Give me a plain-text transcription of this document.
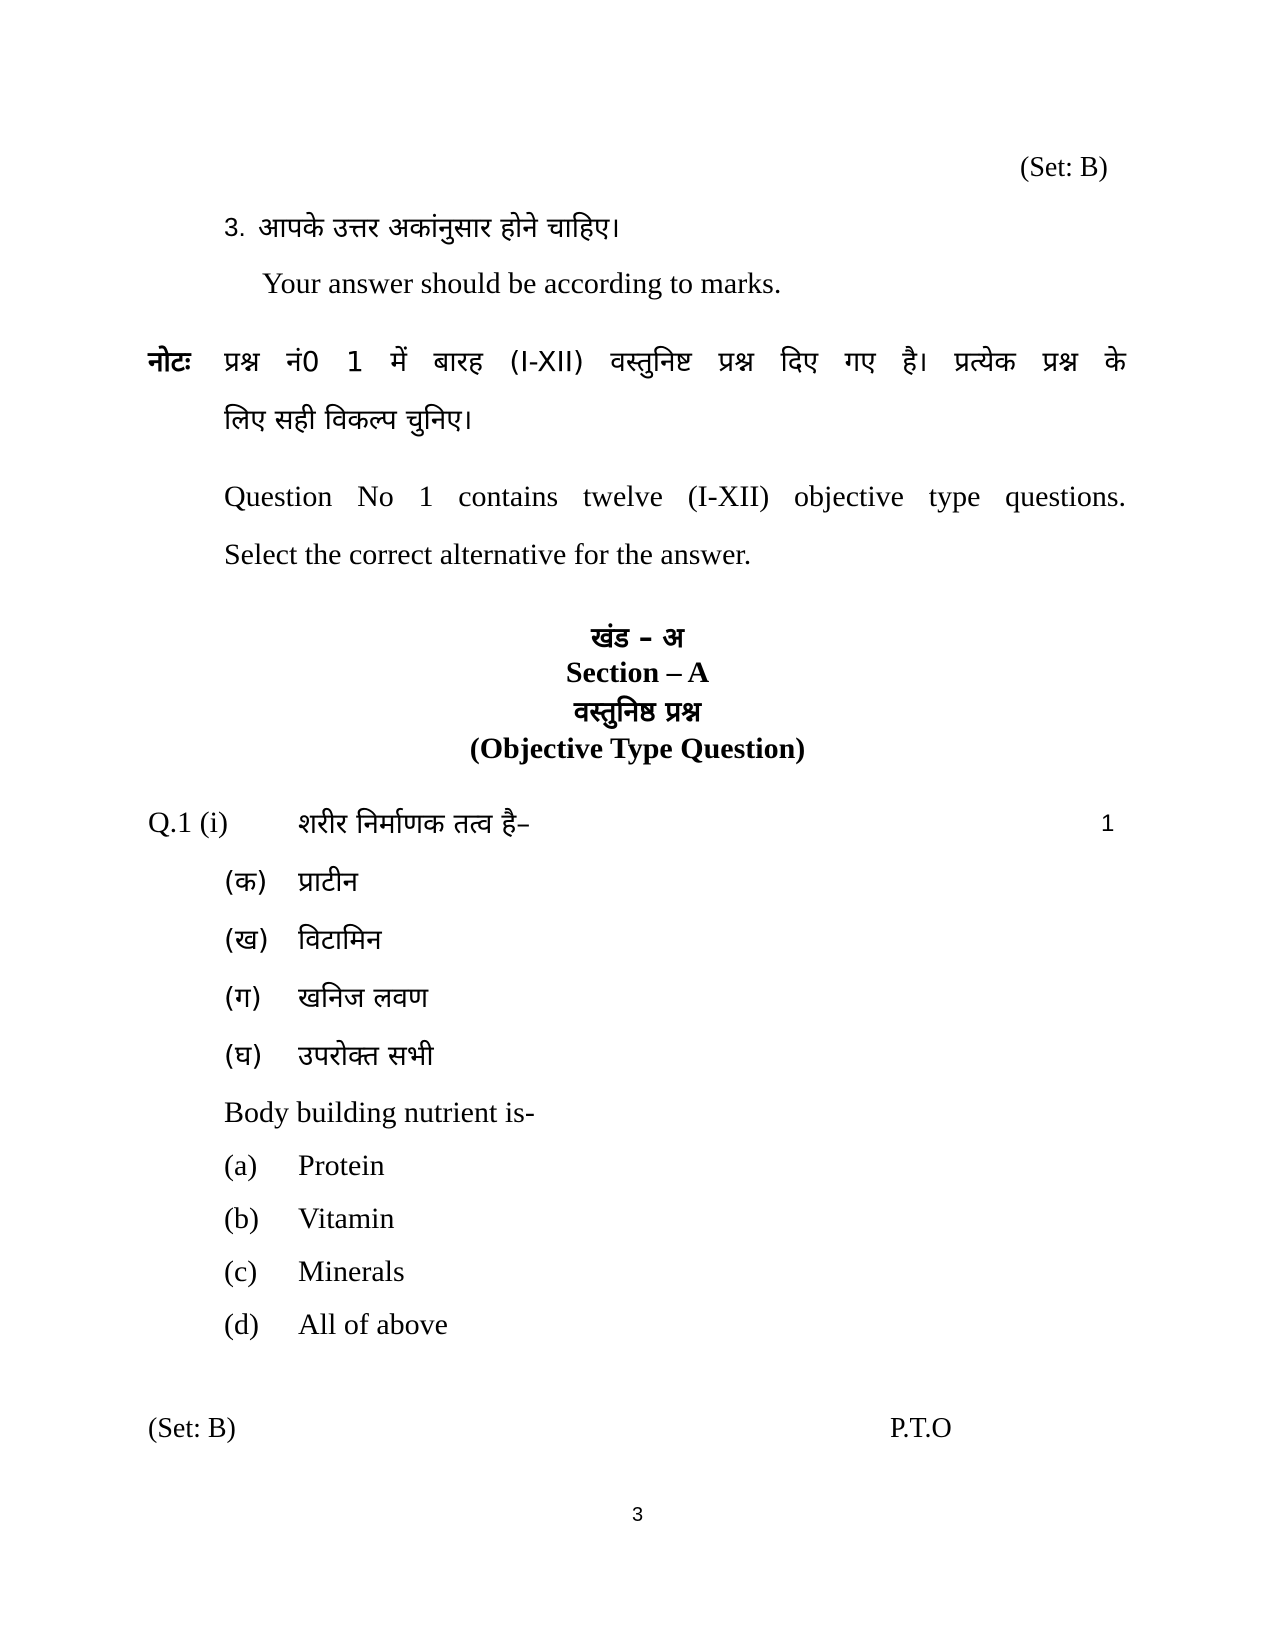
(Set: B)
3. आपके उत्तर अकांनुसार होने चाहिए।
Your answer should be according to marks.
नोटः प्रश्न नं0 1 में बारह (I-XII) वस्तुनिष्ट प्रश्न दिए गए है। प्रत्येक प्रश्न के
लिए सही विकल्प चुनिए।
Question No 1 contains twelve (I-XII) objective type questions.
Select the correct alternative for the answer.
खंड – अ
Section – A
वस्तुनिष्ठ प्रश्न
(Objective Type Question)
Q.1 (i)	शरीर निर्माणक तत्व है–	1
(क) प्राटीन
(ख) विटामिन
(ग) खनिज लवण
(घ) उपरोक्त सभी
Body building nutrient is-
(a) Protein
(b) Vitamin
(c) Minerals
(d) All of above
(Set: B)	P.T.O
3
